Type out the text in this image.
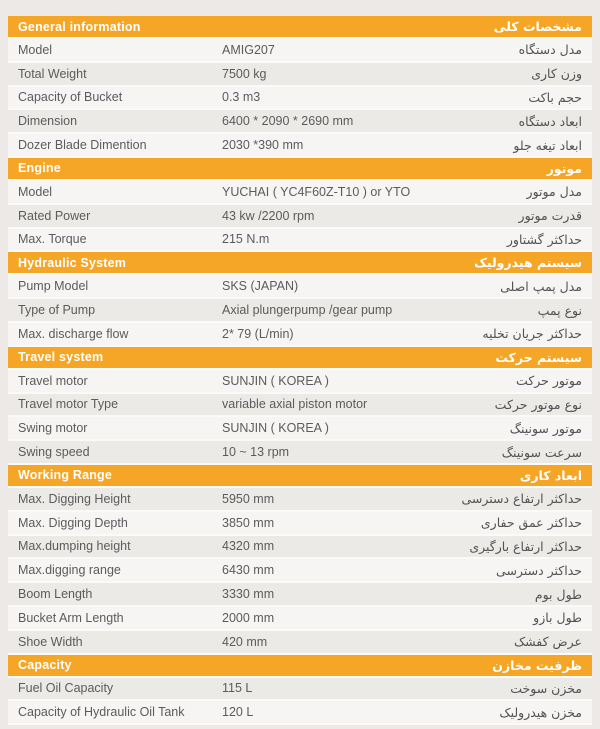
General information	مشخصات کلی
Model	AMIG207	مدل دستگاه
Total Weight	7500 kg	وزن کاری
Capacity of Bucket	0.3 m3	حجم باکت
Dimension	6400 * 2090 * 2690 mm	ابعاد دستگاه
Dozer Blade Dimention	2030 *390 mm	ابعاد تیغه جلو
Engine	موتور
Model	YUCHAI ( YC4F60Z-T10 ) or YTO	مدل موتور
Rated Power	43 kw /2200 rpm	قدرت موتور
Max. Torque	215 N.m	حداکثر گشتاور
Hydraulic System	سیستم هیدرولیک
Pump Model	SKS (JAPAN)	مدل پمپ اصلی
Type of Pump	Axial plungerpump /gear pump	نوع پمپ
Max. discharge flow	2* 79 (L/min)	حداکثر جریان تخلیه
Travel system	سیستم حرکت
Travel motor	SUNJIN ( KOREA )	موتور حرکت
Travel motor Type	variable axial piston motor	نوع موتور حرکت
Swing motor	SUNJIN ( KOREA )	موتور سونینگ
Swing speed	10 ~ 13 rpm	سرعت سونینگ
Working Range	ابعاد کاری
Max. Digging Height	5950 mm	حداکثر ارتفاع دسترسی
Max. Digging Depth	3850 mm	حداکثر عمق حفاری
Max.dumping height	4320 mm	حداکثر ارتفاع بارگیری
Max.digging range	6430 mm	حداکثر دسترسی
Boom Length	3330 mm	طول بوم
Bucket Arm Length	2000 mm	طول بازو
Shoe Width	420 mm	عرض کفشک
Capacity	ظرفیت مخازن
Fuel Oil Capacity	115 L	مخزن سوخت
Capacity of Hydraulic Oil Tank	120 L	مخزن هیدرولیک
